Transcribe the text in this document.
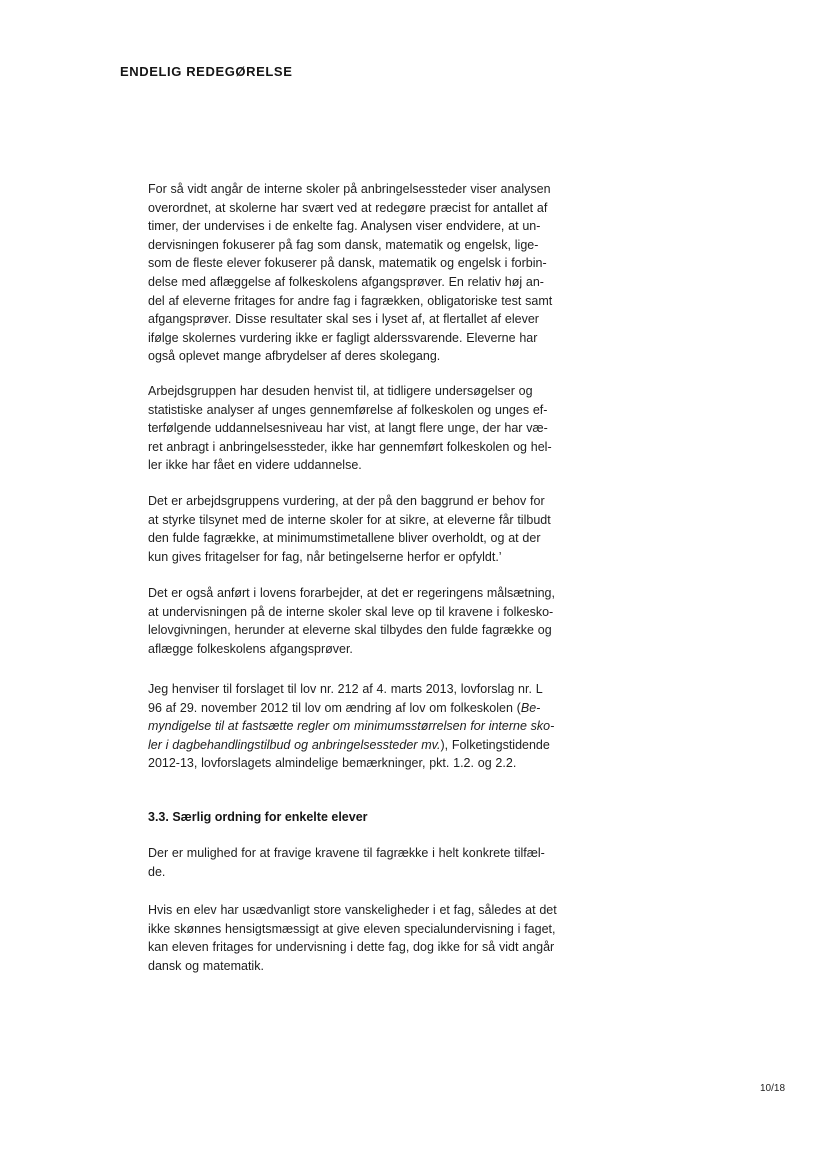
ENDELIG REDEGØRELSE

For så vidt angår de interne skoler på anbringelsessteder viser analysen
overordnet, at skolerne har svært ved at redegøre præcist for antallet af
timer, der undervises i de enkelte fag. Analysen viser endvidere, at un-
dervisningen fokuserer på fag som dansk, matematik og engelsk, lige-
som de fleste elever fokuserer på dansk, matematik og engelsk i forbin-
delse med aflæggelse af folkeskolens afgangsprøver. En relativ høj an-
del af eleverne fritages for andre fag i fagrækken, obligatoriske test samt
afgangsprøver. Disse resultater skal ses i lyset af, at flertallet af elever
ifølge skolernes vurdering ikke er fagligt alderssvarende. Eleverne har
også oplevet mange afbrydelser af deres skolegang.

Arbejdsgruppen har desuden henvist til, at tidligere undersøgelser og
statistiske analyser af unges gennemførelse af folkeskolen og unges ef-
terfølgende uddannelsesniveau har vist, at langt flere unge, der har væ-
ret anbragt i anbringelsessteder, ikke har gennemført folkeskolen og hel-
ler ikke har fået en videre uddannelse.

Det er arbejdsgruppens vurdering, at der på den baggrund er behov for
at styrke tilsynet med de interne skoler for at sikre, at eleverne får tilbudt
den fulde fagrække, at minimumstimetallene bliver overholdt, og at der
kun gives fritagelser for fag, når betingelserne herfor er opfyldt.’

Det er også anført i lovens forarbejder, at det er regeringens målsætning,
at undervisningen på de interne skoler skal leve op til kravene i folkesko-
lelovgivningen, herunder at eleverne skal tilbydes den fulde fagrække og
aflægge folkeskolens afgangsprøver.

Jeg henviser til forslaget til lov nr. 212 af 4. marts 2013, lovforslag nr. L
96 af 29. november 2012 til lov om ændring af lov om folkeskolen (Be-
myndigelse til at fastsætte regler om minimumsstørrelsen for interne sko-
ler i dagbehandlingstilbud og anbringelsessteder mv.), Folketingstidende
2012-13, lovforslagets almindelige bemærkninger, pkt. 1.2. og 2.2.

3.3. Særlig ordning for enkelte elever

Der er mulighed for at fravige kravene til fagrække i helt konkrete tilfæl-
de.

Hvis en elev har usædvanligt store vanskeligheder i et fag, således at det
ikke skønnes hensigtsmæssigt at give eleven specialundervisning i faget,
kan eleven fritages for undervisning i dette fag, dog ikke for så vidt angår
dansk og matematik.

10/18
